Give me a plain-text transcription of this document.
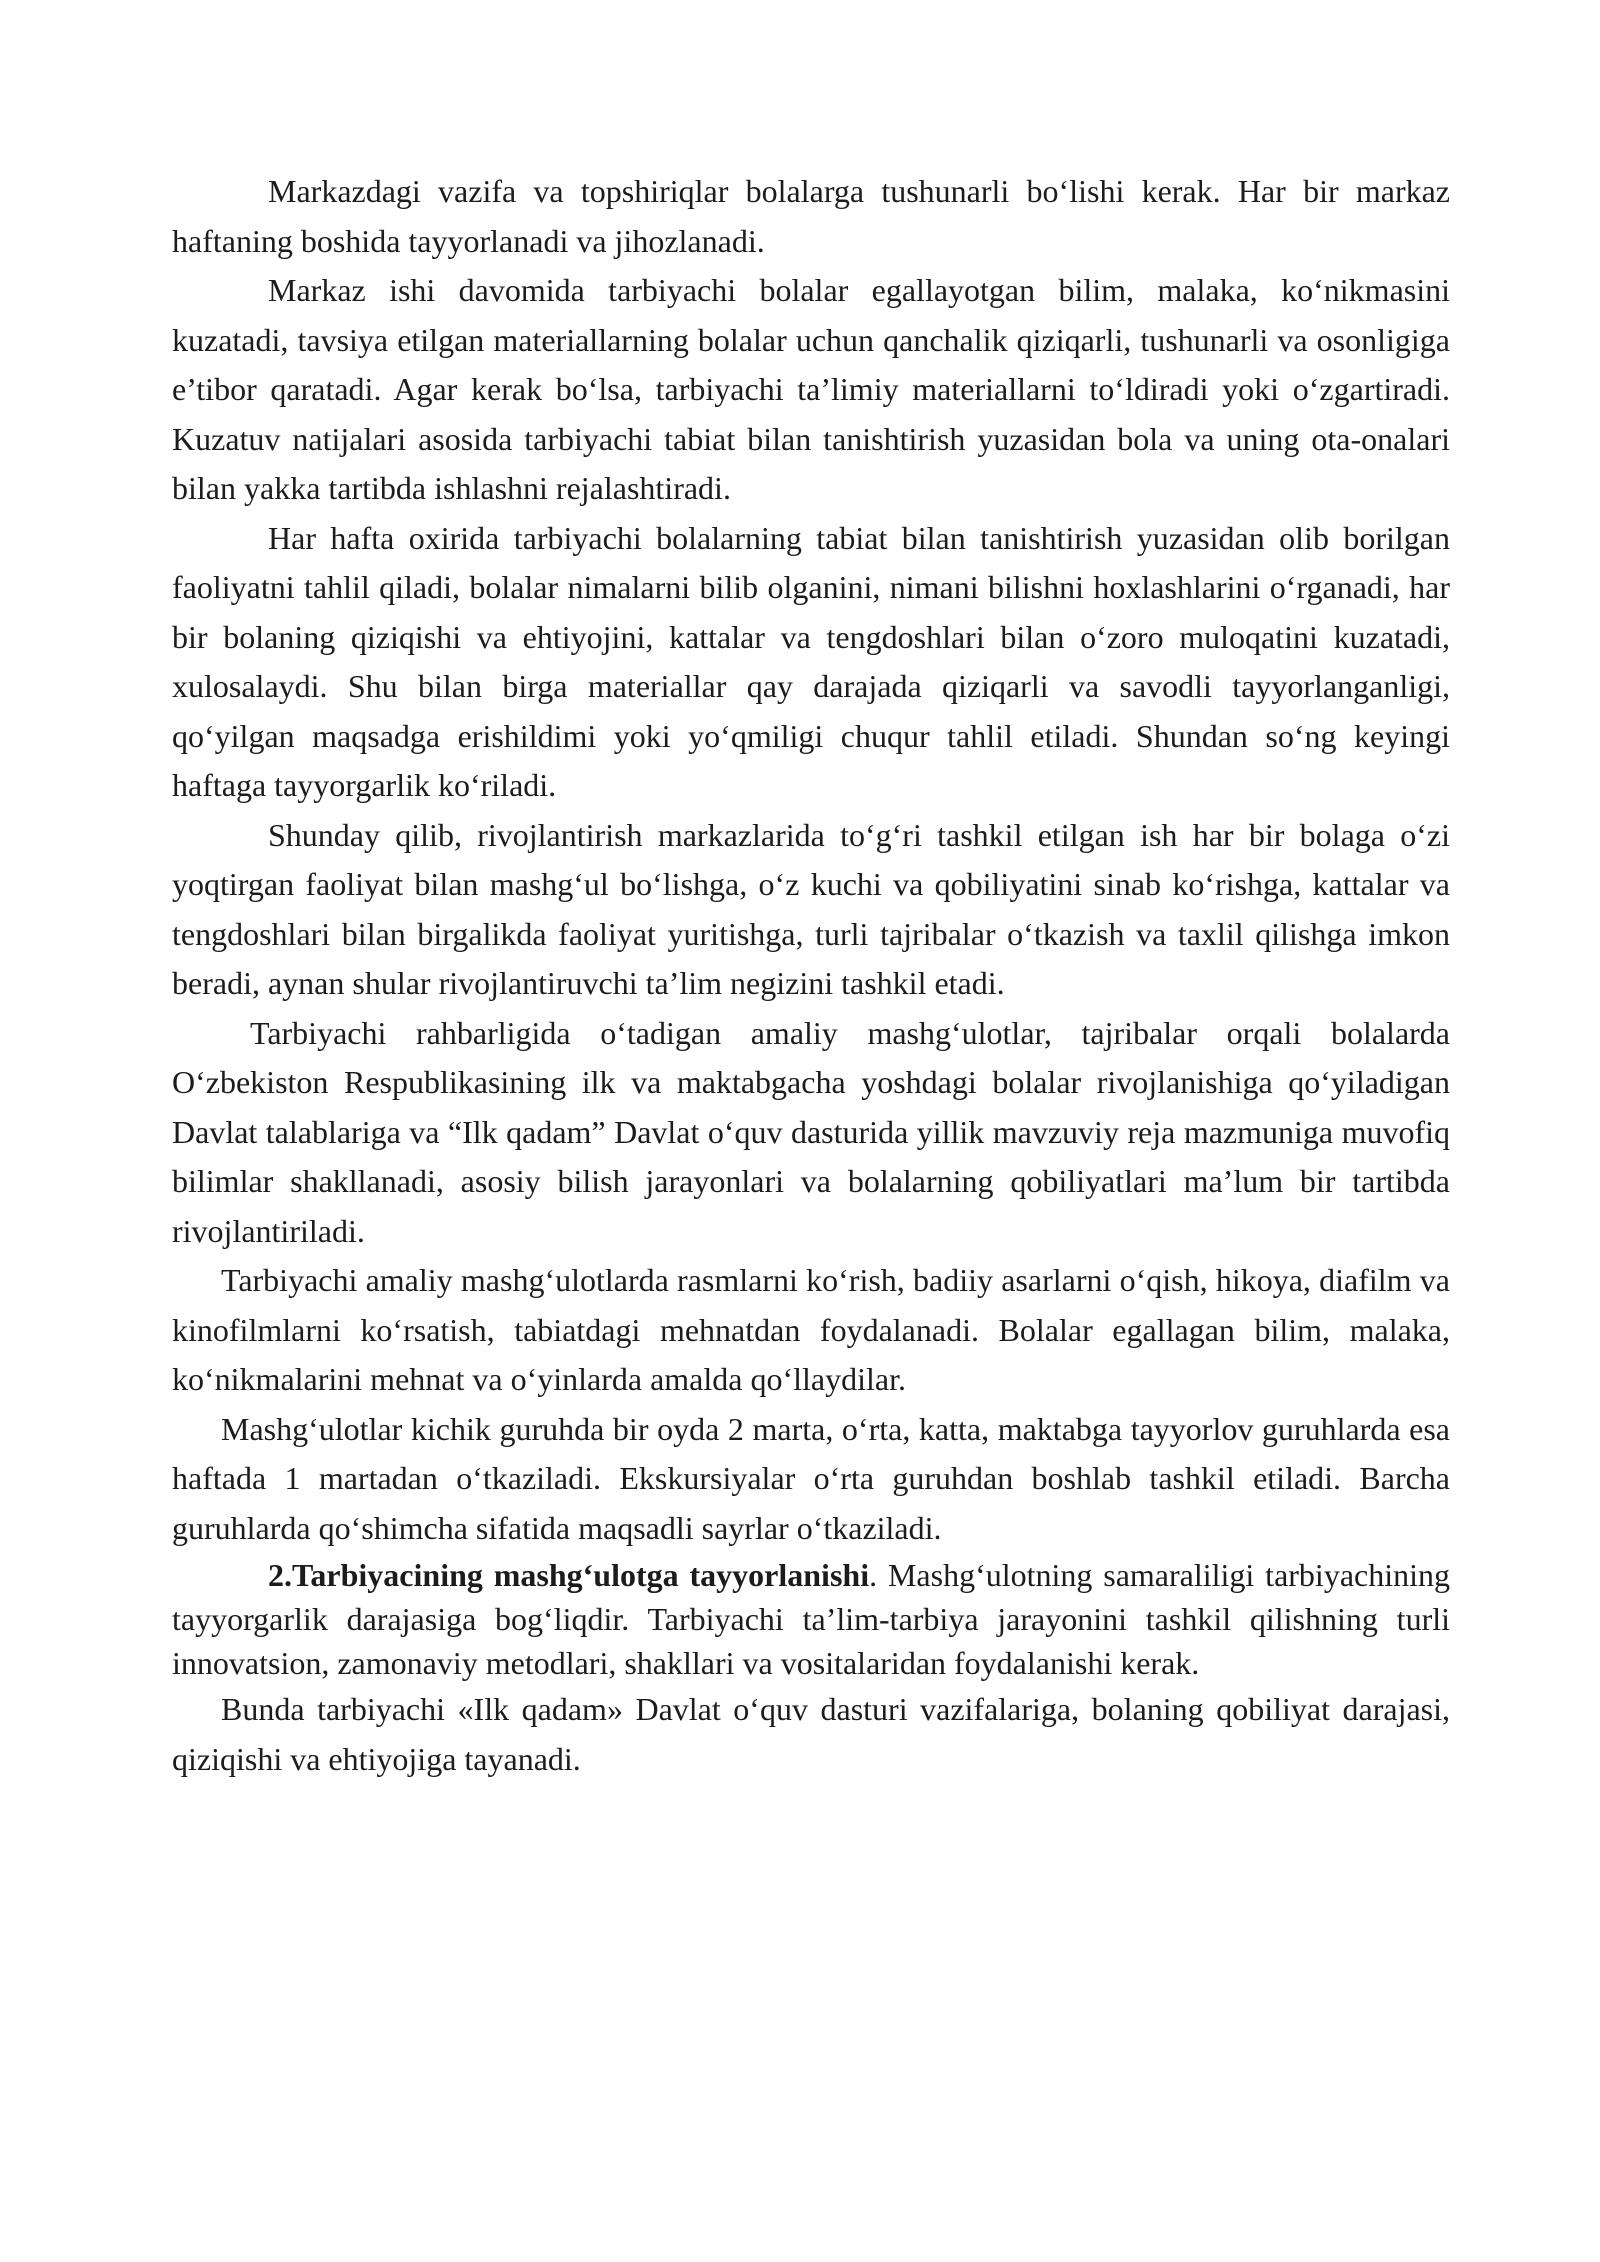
Markazdagi vazifa va topshiriqlar bolalarga tushunarli bo‘lishi kerak. Har bir markaz haftaning boshida tayyorlanadi va jihozlanadi.

Markaz ishi davomida tarbiyachi bolalar egallayotgan bilim, malaka, ko‘nikmasini kuzatadi, tavsiya etilgan materiallarning bolalar uchun qanchalik qiziqarli, tushunarli va osonligiga e’tibor qaratadi. Agar kerak bo‘lsa, tarbiyachi ta’limiy materiallarni to‘ldiradi yoki o‘zgartiradi. Kuzatuv natijalari asosida tarbiyachi tabiat bilan tanishtirish yuzasidan bola va uning ota-onalari bilan yakka tartibda ishlashni rejalashtiradi.

Har hafta oxirida tarbiyachi bolalarning tabiat bilan tanishtirish yuzasidan olib borilgan faoliyatni tahlil qiladi, bolalar nimalarni bilib olganini, nimani bilishni hoxlashlarini o‘rganadi, har bir bolaning qiziqishi va ehtiyojini, kattalar va tengdoshlari bilan o‘zoro muloqatini kuzatadi, xulosalaydi. Shu bilan birga materiallar qay darajada qiziqarli va savodli tayyorlanganligi, qo‘yilgan maqsadga erishildimi yoki yo‘qmiligi chuqur tahlil etiladi. Shundan so‘ng keyingi haftaga tayyorgarlik ko‘riladi.

Shunday qilib, rivojlantirish markazlarida to‘g‘ri tashkil etilgan ish har bir bolaga o‘zi yoqtirgan faoliyat bilan mashg‘ul bo‘lishga, o‘z kuchi va qobiliyatini sinab ko‘rishga, kattalar va tengdoshlari bilan birgalikda faoliyat yuritishga, turli tajribalar o‘tkazish va taxlil qilishga imkon beradi, aynan shular rivojlantiruvchi ta’lim negizini tashkil etadi.

Tarbiyachi rahbarligida o‘tadigan amaliy mashg‘ulotlar, tajribalar orqali bolalarda O‘zbekiston Respublikasining ilk va maktabgacha yoshdagi bolalar rivojlanishiga qo‘yiladigan Davlat talablariga va “Ilk qadam” Davlat o‘quv dasturida yillik mavzuviy reja mazmuniga muvofiq bilimlar shakllanadi, asosiy bilish jarayonlari va bolalarning qobiliyatlari ma’lum bir tartibda rivojlantiriladi.

Tarbiyachi amaliy mashg‘ulotlarda rasmlarni ko‘rish, badiiy asarlarni o‘qish, hikoya, diafilm va kinofilmlarni ko‘rsatish, tabiatdagi mehnatdan foydalanadi. Bolalar egallagan bilim, malaka, ko‘nikmalarini mehnat va o‘yinlarda amalda qo‘llaydilar.

Mashg‘ulotlar kichik guruhda bir oyda 2 marta, o‘rta, katta, maktabga tayyorlov guruhlarda esa haftada 1 martadan o‘tkaziladi. Ekskursiyalar o‘rta guruhdan boshlab tashkil etiladi. Barcha guruhlarda qo‘shimcha sifatida maqsadli sayrlar o‘tkaziladi.

2.Tarbiyacining mashg‘ulotga tayyorlanishi. Mashg‘ulotning samaraliligi tarbiyachining tayyorgarlik darajasiga bog‘liqdir. Tarbiyachi ta’lim-tarbiya jarayonini tashkil qilishning turli innovatsion, zamonaviy metodlari, shakllari va vositalaridan foydalanishi kerak.

Bunda tarbiyachi «Ilk qadam» Davlat o‘quv dasturi vazifalariga, bolaning qobiliyat darajasi, qiziqishi va ehtiyojiga tayanadi.
